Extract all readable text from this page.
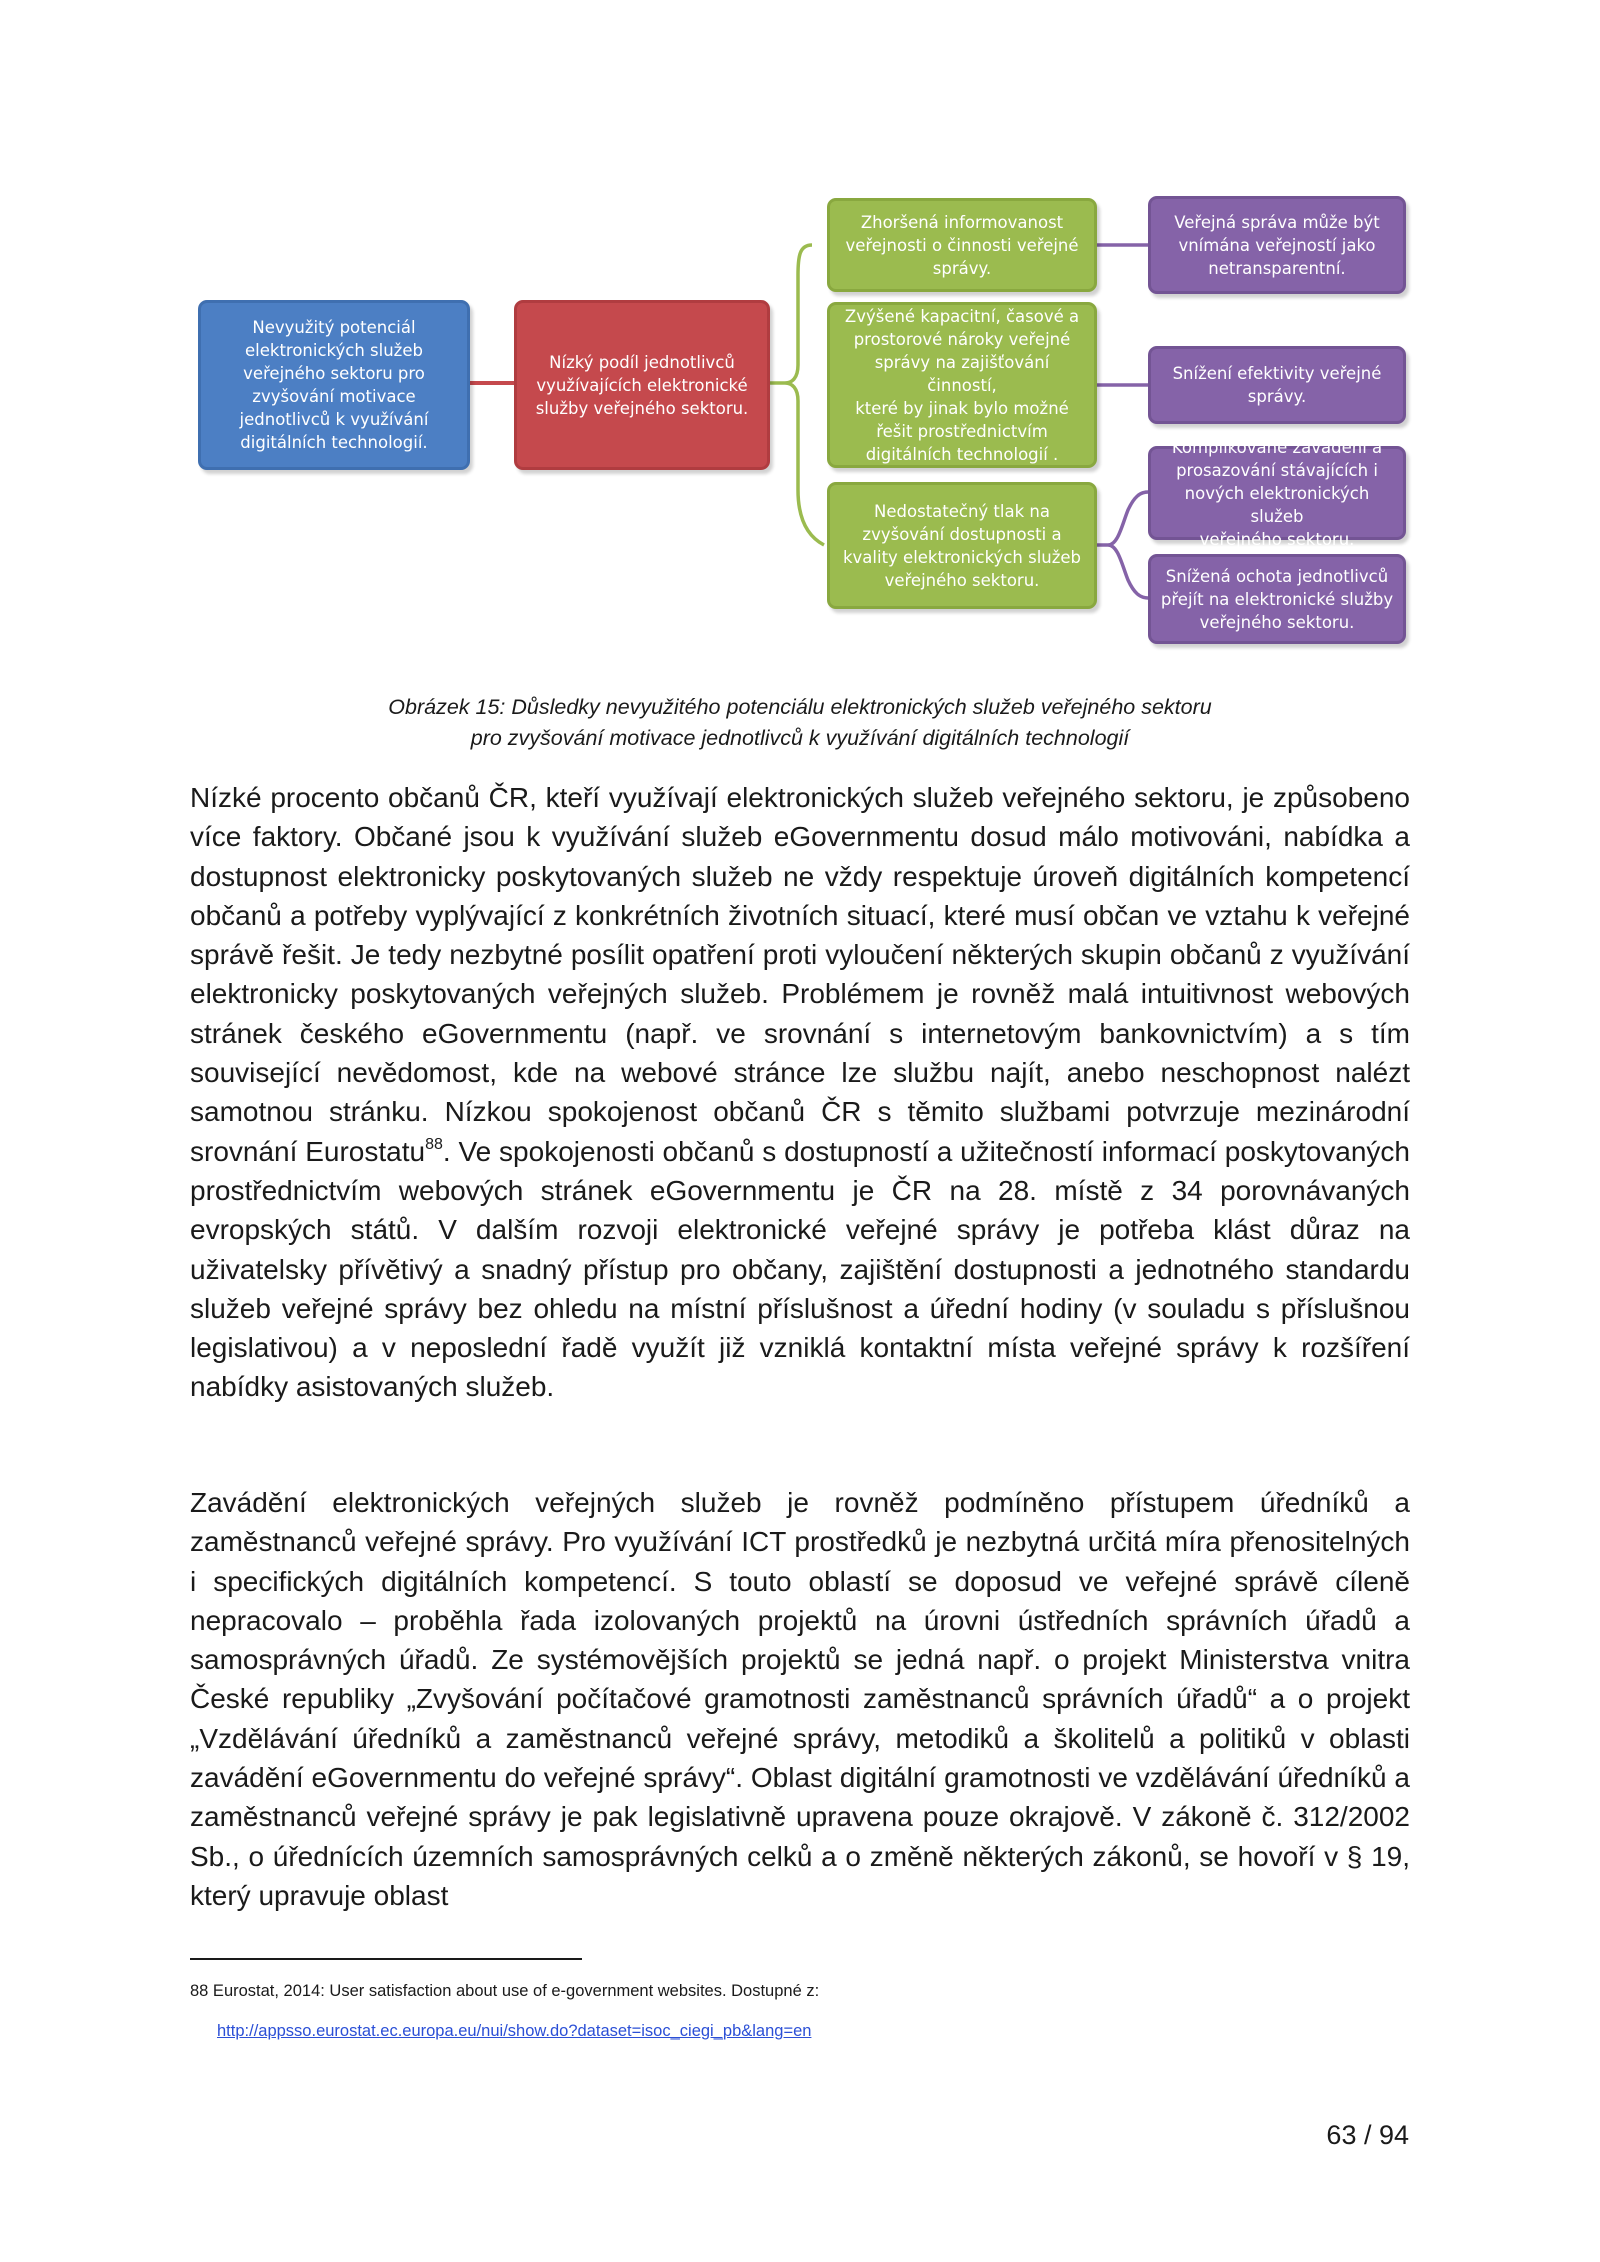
Nevyužitý potenciál
elektronických služeb
veřejného sektoru pro
zvyšování motivace
jednotlivců k využívání
digitálních technologií.
Nízký podíl jednotlivců
využívajících elektronické
služby veřejného sektoru.
Zhoršená informovanost
veřejnosti o činnosti veřejné
správy.
Zvýšené kapacitní, časové a
prostorové nároky veřejné
správy na zajišťování činností,
které by jinak bylo možné
řešit prostřednictvím
digitálních technologií .
Nedostatečný tlak na
zvyšování dostupnosti a
kvality elektronických služeb
veřejného sektoru.
Veřejná správa může být
vnímána veřejností jako
netransparentní.
Snížení efektivity veřejné
správy.
Komplikované zavádění a
prosazování stávajících i
nových elektronických služeb
veřejného sektoru.
Snížená ochota jednotlivců
přejít na elektronické služby
veřejného sektoru.
Obrázek 15: Důsledky nevyužitého potenciálu elektronických služeb veřejného sektoru
pro zvyšování motivace jednotlivců k využívání digitálních technologií
Nízké procento občanů ČR, kteří využívají elektronických služeb veřejného sektoru, je způsobeno více faktory. Občané jsou k využívání služeb eGovernmentu dosud málo motivováni, nabídka a dostupnost elektronicky poskytovaných služeb ne vždy respektuje úroveň digitálních kompetencí občanů a potřeby vyplývající z konkrétních životních situací, které musí občan ve vztahu k veřejné správě řešit. Je tedy nezbytné posílit opatření proti vyloučení některých skupin občanů z využívání elektronicky poskytovaných veřejných služeb. Problémem je rovněž malá intuitivnost webových stránek českého eGovernmentu (např. ve srovnání s internetovým bankovnictvím) a s tím související nevědomost, kde na webové stránce lze službu najít, anebo neschopnost nalézt samotnou stránku. Nízkou spokojenost občanů ČR s těmito službami potvrzuje mezinárodní srovnání Eurostatu$^{88}$. Ve spokojenosti občanů s dostupností a užitečností informací poskytovaných prostřednictvím webových stránek eGovernmentu je ČR na 28. místě z 34 porovnávaných evropských států. V dalším rozvoji elektronické veřejné správy je potřeba klást důraz na uživatelsky přívětivý a snadný přístup pro občany, zajištění dostupnosti a jednotného standardu služeb veřejné správy bez ohledu na místní příslušnost a úřední hodiny (v souladu s příslušnou legislativou) a v neposlední řadě využít již vzniklá kontaktní místa veřejné správy k rozšíření nabídky asistovaných služeb.
Zavádění elektronických veřejných služeb je rovněž podmíněno přístupem úředníků a zaměstnanců veřejné správy. Pro využívání ICT prostředků je nezbytná určitá míra přenositelných i specifických digitálních kompetencí. S touto oblastí se doposud ve veřejné správě cíleně nepracovalo – proběhla řada izolovaných projektů na úrovni ústředních správních úřadů a samosprávných úřadů. Ze systémovějších projektů se jedná např. o projekt Ministerstva vnitra České republiky „Zvyšování počítačové gramotnosti zaměstnanců správních úřadů“ a o projekt „Vzdělávání úředníků a zaměstnanců veřejné správy, metodiků a školitelů a politiků v oblasti zavádění eGovernmentu do veřejné správy“. Oblast digitální gramotnosti ve vzdělávání úředníků a zaměstnanců veřejné správy je pak legislativně upravena pouze okrajově. V zákoně č. 312/2002 Sb., o úřednících územních samosprávných celků a o změně některých zákonů, se hovoří v § 19, který upravuje oblast
88 Eurostat, 2014: User satisfaction about use of e-government websites. Dostupné z:
http://appsso.eurostat.ec.europa.eu/nui/show.do?dataset=isoc_ciegi_pb&lang=en
63 / 94
